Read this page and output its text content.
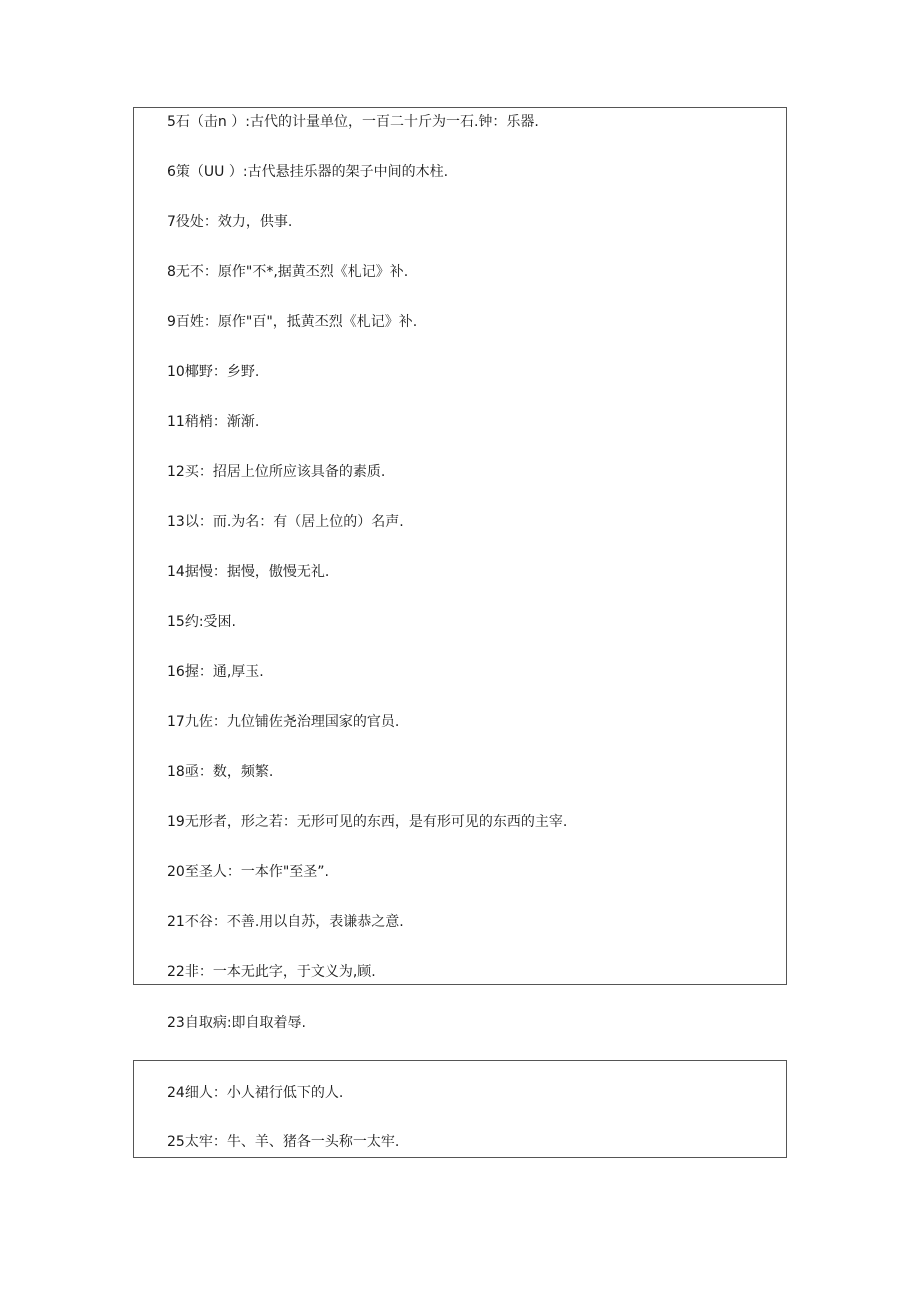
5石（击n ）:古代的计量单位，一百二十斤为一石.钟：乐器.
6策（UU ）:古代悬挂乐器的架子中间的木柱.
7役处：效力，供事.
8无不：原作"不*,据黄丕烈《札记》补.
9百姓：原作"百"，抵黄丕烈《札记》补.
10椰野：乡野.
11稍梢：渐渐.
12买：招居上位所应该具备的素质.
13以：而.为名：有（居上位的）名声.
14据慢：据慢，傲慢无礼.
15约:受困.
16握：通,厚玉.
17九佐：九位铺佐尧治理国家的官员.
18亟：数，频繁.
19无形者，形之若：无形可见的东西，是有形可见的东西的主宰.
20至圣人：一本作"至圣”.
21不谷：不善.用以自苏，表谦恭之意.
22非：一本无此字，于文义为,顾.
23自取病:即自取着辱.
24细人：小人裙行低下的人.
25太牢：牛、羊、猪各一头称一太牢.
